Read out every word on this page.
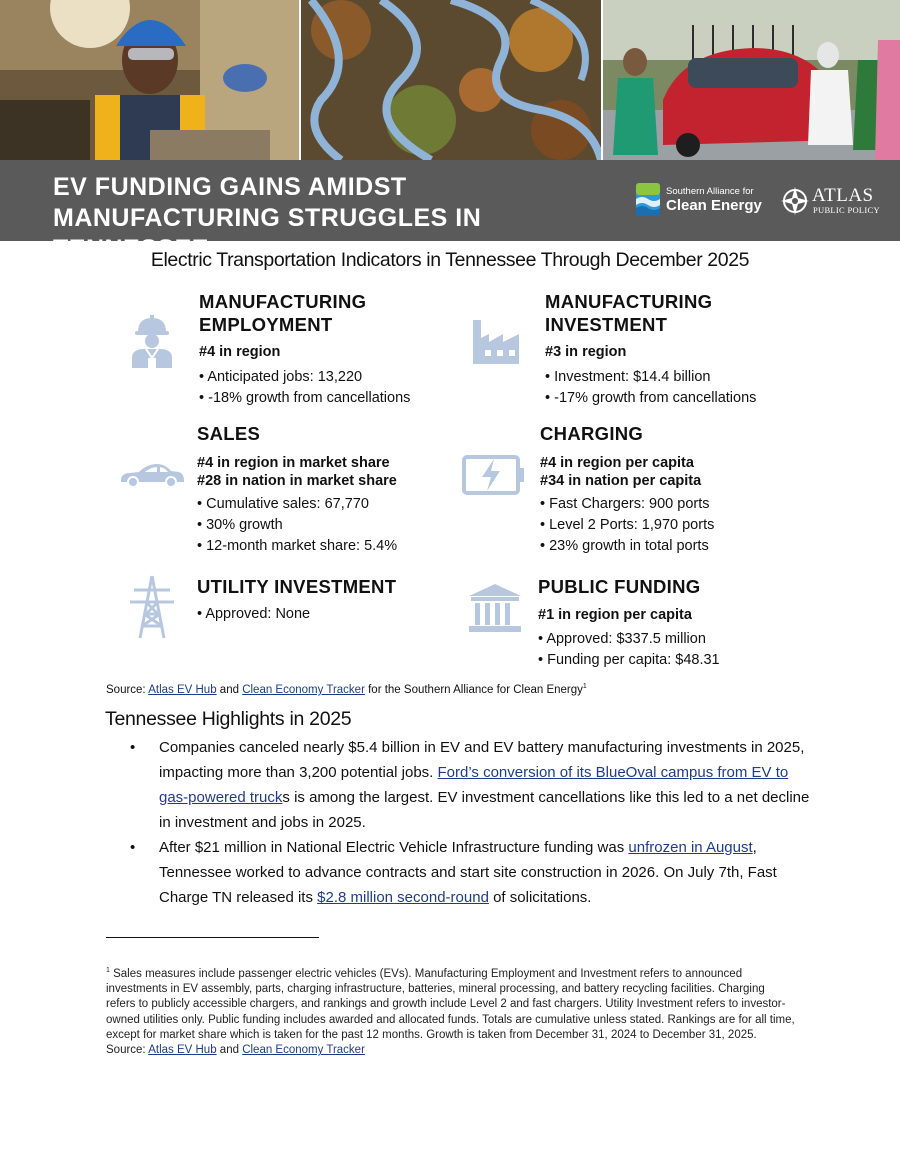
EV FUNDING GAINS AMIDST MANUFACTURING STRUGGLES IN TENNESSEE
Southern Alliance for
Clean Energy	ATLAS
PUBLIC POLICY
Electric Transportation Indicators in Tennessee Through December 2025
MANUFACTURING EMPLOYMENT
#4 in region
• Anticipated jobs: 13,220
• -18% growth from cancellations
MANUFACTURING INVESTMENT
#3 in region
• Investment: $14.4 billion
• -17% growth from cancellations
SALES
#4 in region in market share
#28 in nation in market share
• Cumulative sales: 67,770
• 30% growth
• 12-month market share: 5.4%
CHARGING
#4 in region per capita
#34 in nation per capita
• Fast Chargers: 900 ports
• Level 2 Ports: 1,970 ports
• 23% growth in total ports
UTILITY INVESTMENT
• Approved: None
PUBLIC FUNDING
#1 in region per capita
• Approved: $337.5 million
• Funding per capita: $48.31
Source: Atlas EV Hub and Clean Economy Tracker for the Southern Alliance for Clean Energy$^1$
Tennessee Highlights in 2025
• Companies canceled nearly $5.4 billion in EV and EV battery manufacturing investments in 2025, impacting more than 3,200 potential jobs. Ford’s conversion of its BlueOval campus from EV to gas-powered trucks is among the largest. EV investment cancellations like this led to a net decline in investment and jobs in 2025.
• After $21 million in National Electric Vehicle Infrastructure funding was unfrozen in August, Tennessee worked to advance contracts and start site construction in 2026. On July 7th, Fast Charge TN released its $2.8 million second-round of solicitations.
$^1$ Sales measures include passenger electric vehicles (EVs). Manufacturing Employment and Investment refers to announced investments in EV assembly, parts, charging infrastructure, batteries, mineral processing, and battery recycling facilities. Charging refers to publicly accessible chargers, and rankings and growth include Level 2 and fast chargers. Utility Investment refers to investor-owned utilities only. Public funding includes awarded and allocated funds. Totals are cumulative unless stated. Rankings are for all time, except for market share which is taken for the past 12 months. Growth is taken from December 31, 2024 to December 31, 2025. Source: Atlas EV Hub and Clean Economy Tracker
